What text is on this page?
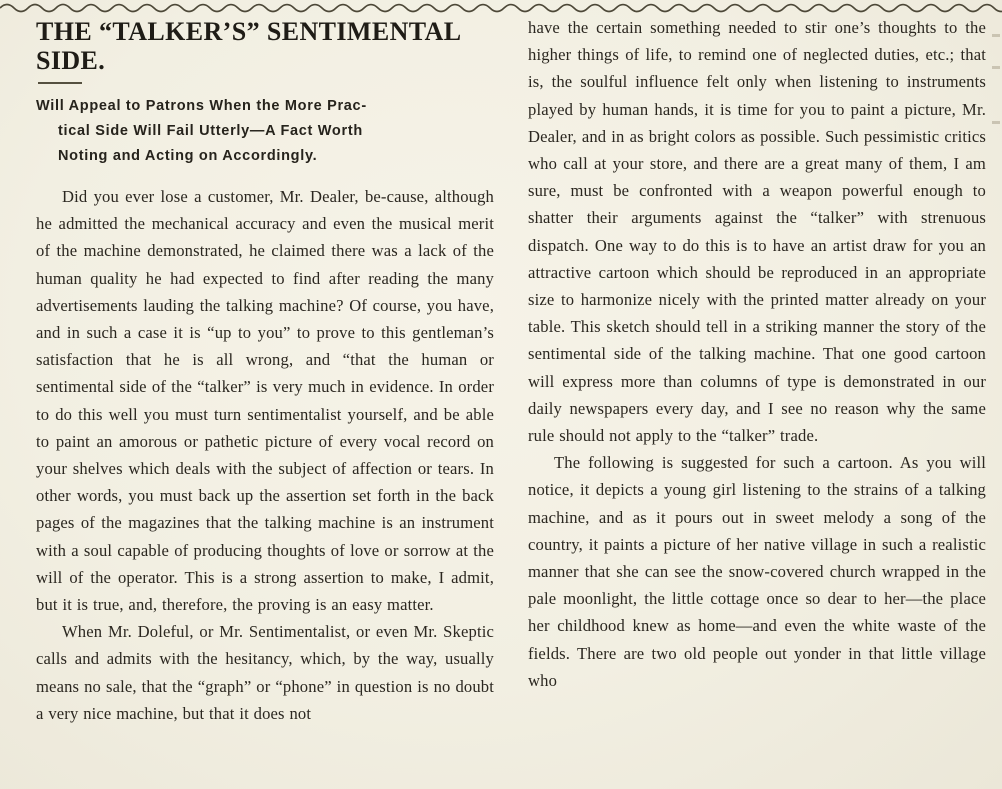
THE “TALKER’S” SENTIMENTAL SIDE.
Will Appeal to Patrons When the More Prac-
tical Side Will Fail Utterly—A Fact Worth
Noting and Acting on Accordingly.

Did you ever lose a customer, Mr. Dealer, be-cause, although he admitted the mechanical accuracy and even the musical merit of the machine demonstrated, he claimed there was a lack of the human quality he had expected to find after reading the many advertisements lauding the talking machine? Of course, you have, and in such a case it is “up to you” to prove to this gentleman’s satisfaction that he is all wrong, and “that the human or sentimental side of the “talker” is very much in evidence. In order to do this well you must turn sentimentalist yourself, and be able to paint an amorous or pathetic picture of every vocal record on your shelves which deals with the subject of affection or tears. In other words, you must back up the assertion set forth in the back pages of the magazines that the talking machine is an instrument with a soul capable of producing thoughts of love or sorrow at the will of the operator. This is a strong assertion to make, I admit, but it is true, and, therefore, the proving is an easy matter.

When Mr. Doleful, or Mr. Sentimentalist, or even Mr. Skeptic calls and admits with the hesitancy, which, by the way, usually means no sale, that the “graph” or “phone” in question is no doubt a very nice machine, but that it does not

have the certain something needed to stir one’s thoughts to the higher things of life, to remind one of neglected duties, etc.; that is, the soulful influence felt only when listening to instruments played by human hands, it is time for you to paint a picture, Mr. Dealer, and in as bright colors as possible. Such pessimistic critics who call at your store, and there are a great many of them, I am sure, must be confronted with a weapon powerful enough to shatter their arguments against the “talker” with strenuous dispatch. One way to do this is to have an artist draw for you an attractive cartoon which should be reproduced in an appropriate size to harmonize nicely with the printed matter already on your table. This sketch should tell in a striking manner the story of the sentimental side of the talking machine. That one good cartoon will express more than columns of type is demonstrated in our daily newspapers every day, and I see no reason why the same rule should not apply to the “talker” trade.

The following is suggested for such a cartoon. As you will notice, it depicts a young girl listening to the strains of a talking machine, and as it pours out in sweet melody a song of the country, it paints a picture of her native village in such a realistic manner that she can see the snow-covered church wrapped in the pale moonlight, the little cottage once so dear to her—the place her childhood knew as home—and even the white waste of the fields. There are two old people out yonder in that little village who
